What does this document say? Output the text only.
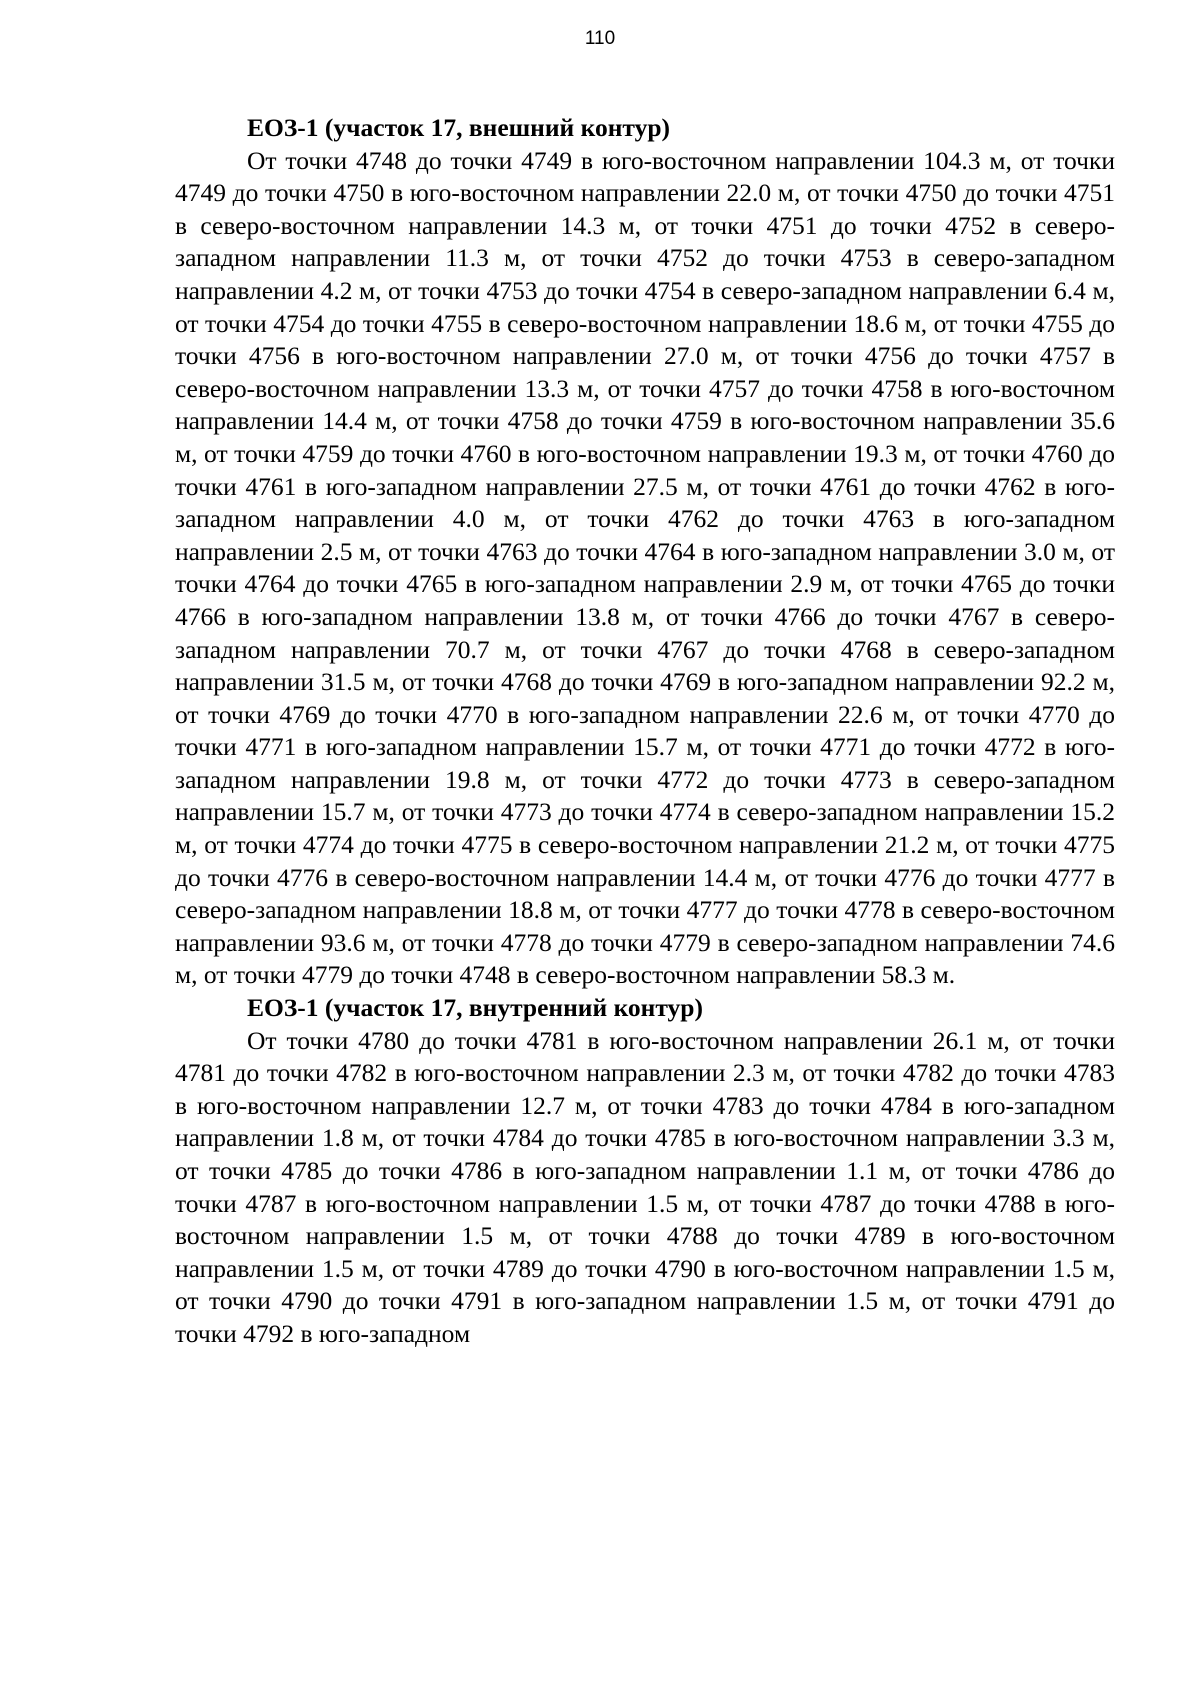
110

ЕОЗ-1 (участок 17, внешний контур)

От точки 4748 до точки 4749 в юго-восточном направлении 104.3 м, от точки 4749 до точки 4750 в юго-восточном направлении 22.0 м, от точки 4750 до точки 4751 в северо-восточном направлении 14.3 м, от точки 4751 до точки 4752 в северо-западном направлении 11.3 м, от точки 4752 до точки 4753 в северо-западном направлении 4.2 м, от точки 4753 до точки 4754 в северо-западном направлении 6.4 м, от точки 4754 до точки 4755 в северо-восточном направлении 18.6 м, от точки 4755 до точки 4756 в юго-восточном направлении 27.0 м, от точки 4756 до точки 4757 в северо-восточном направлении 13.3 м, от точки 4757 до точки 4758 в юго-восточном направлении 14.4 м, от точки 4758 до точки 4759 в юго-восточном направлении 35.6 м, от точки 4759 до точки 4760 в юго-восточном направлении 19.3 м, от точки 4760 до точки 4761 в юго-западном направлении 27.5 м, от точки 4761 до точки 4762 в юго-западном направлении 4.0 м, от точки 4762 до точки 4763 в юго-западном направлении 2.5 м, от точки 4763 до точки 4764 в юго-западном направлении 3.0 м, от точки 4764 до точки 4765 в юго-западном направлении 2.9 м, от точки 4765 до точки 4766 в юго-западном направлении 13.8 м, от точки 4766 до точки 4767 в северо-западном направлении 70.7 м, от точки 4767 до точки 4768 в северо-западном направлении 31.5 м, от точки 4768 до точки 4769 в юго-западном направлении 92.2 м, от точки 4769 до точки 4770 в юго-западном направлении 22.6 м, от точки 4770 до точки 4771 в юго-западном направлении 15.7 м, от точки 4771 до точки 4772 в юго-западном направлении 19.8 м, от точки 4772 до точки 4773 в северо-западном направлении 15.7 м, от точки 4773 до точки 4774 в северо-западном направлении 15.2 м, от точки 4774 до точки 4775 в северо-восточном направлении 21.2 м, от точки 4775 до точки 4776 в северо-восточном направлении 14.4 м, от точки 4776 до точки 4777 в северо-западном направлении 18.8 м, от точки 4777 до точки 4778 в северо-восточном направлении 93.6 м, от точки 4778 до точки 4779 в северо-западном направлении 74.6 м, от точки 4779 до точки 4748 в северо-восточном направлении 58.3 м.

ЕОЗ-1 (участок 17, внутренний контур)

От точки 4780 до точки 4781 в юго-восточном направлении 26.1 м, от точки 4781 до точки 4782 в юго-восточном направлении 2.3 м, от точки 4782 до точки 4783 в юго-восточном направлении 12.7 м, от точки 4783 до точки 4784 в юго-западном направлении 1.8 м, от точки 4784 до точки 4785 в юго-восточном направлении 3.3 м, от точки 4785 до точки 4786 в юго-западном направлении 1.1 м, от точки 4786 до точки 4787 в юго-восточном направлении 1.5 м, от точки 4787 до точки 4788 в юго-восточном направлении 1.5 м, от точки 4788 до точки 4789 в юго-восточном направлении 1.5 м, от точки 4789 до точки 4790 в юго-восточном направлении 1.5 м, от точки 4790 до точки 4791 в юго-западном направлении 1.5 м, от точки 4791 до точки 4792 в юго-западном
